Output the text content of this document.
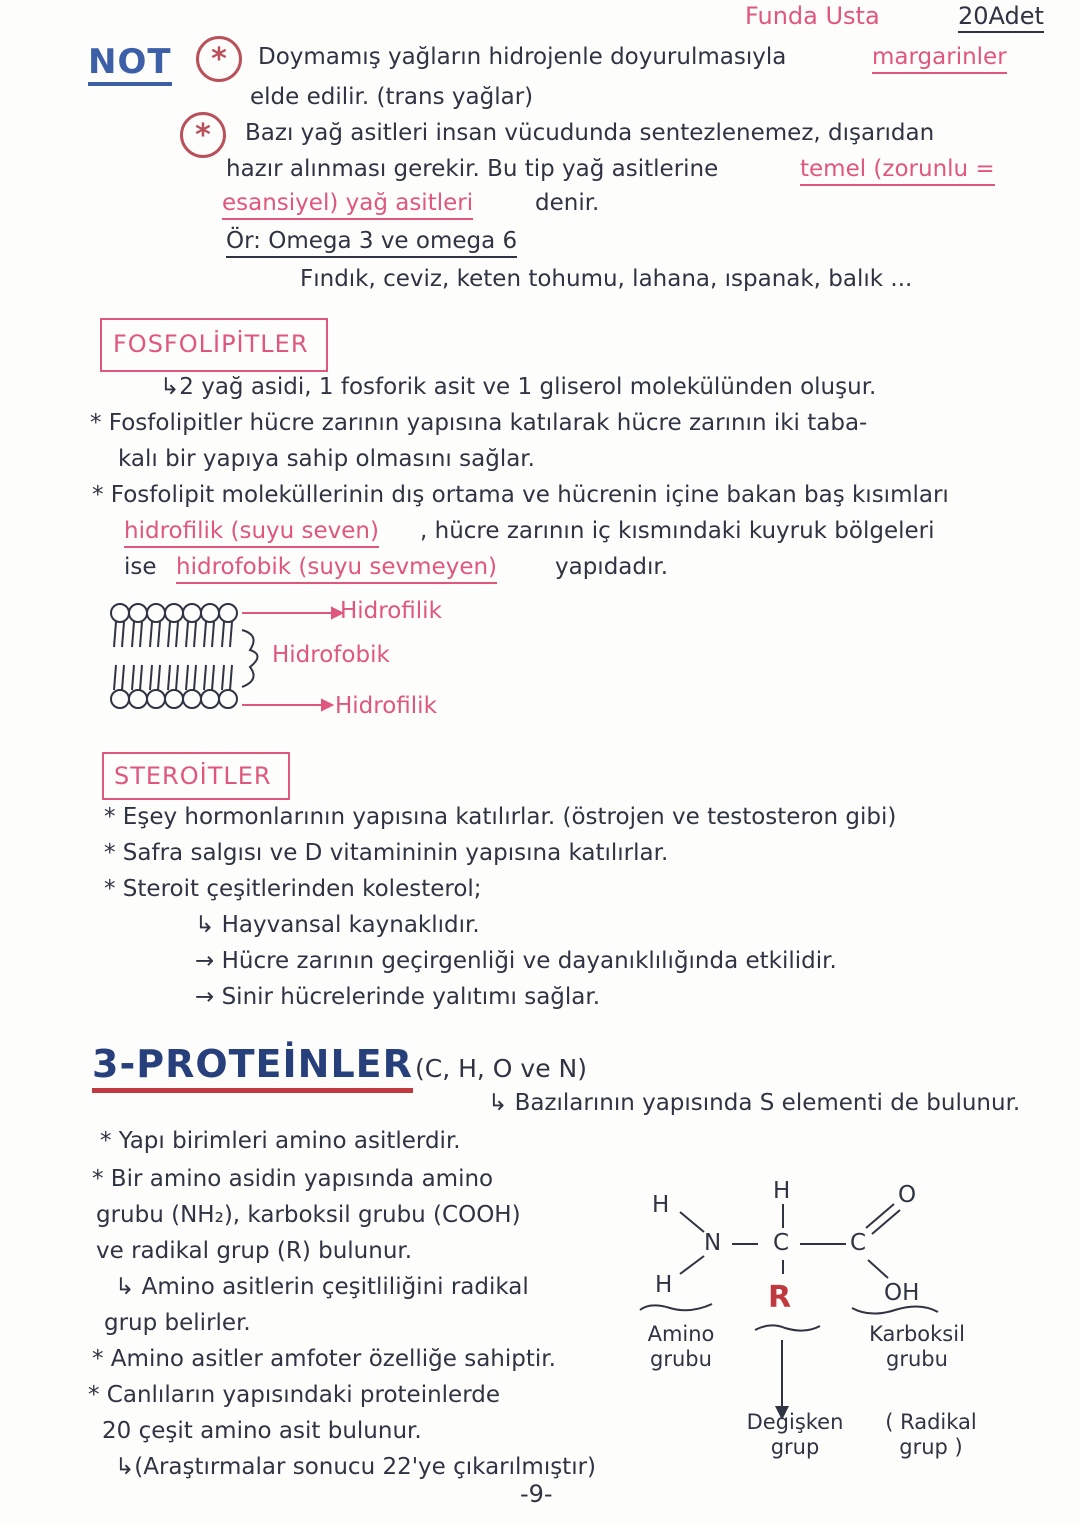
Funda Usta	20Adet
NOT	*	Doymamış yağların hidrojenle doyurulmasıyla	margarinler
elde edilir. (trans yağlar)
*	Bazı yağ asitleri insan vücudunda sentezlenemez, dışarıdan
hazır alınması gerekir. Bu tip yağ asitlerine	temel (zorunlu =
esansiyel) yağ asitleri	denir.
Ör: Omega 3 ve omega 6
Fındık, ceviz, keten tohumu, lahana, ıspanak, balık ...
FOSFOLİPİTLER
↳2 yağ asidi, 1 fosforik asit ve 1 gliserol molekülünden oluşur.
* Fosfolipitler hücre zarının yapısına katılarak hücre zarının iki taba-
kalı bir yapıya sahip olmasını sağlar.
* Fosfolipit moleküllerinin dış ortama ve hücrenin içine bakan baş kısımları
hidrofilik (suyu seven) , hücre zarının iç kısmındaki kuyruk bölgeleri
ise hidrofobik (suyu sevmeyen)	yapıdadır.
Hidrofilik
Hidrofobik
Hidrofilik
STEROİTLER
* Eşey hormonlarının yapısına katılırlar. (östrojen ve testosteron gibi)
* Safra salgısı ve D vitamininin yapısına katılırlar.
* Steroit çeşitlerinden kolesterol;
↳ Hayvansal kaynaklıdır.
→ Hücre zarının geçirgenliği ve dayanıklılığında etkilidir.
→ Sinir hücrelerinde yalıtımı sağlar.
3-PROTEİNLER (C, H, O ve N)
↳ Bazılarının yapısında S elementi de bulunur.
* Yapı birimleri amino asitlerdir.
* Bir amino asidin yapısında amino
grubu (NH₂), karboksil grubu (COOH)
ve radikal grup (R) bulunur.
↳ Amino asitlerin çeşitliliğini radikal
grup belirler.
* Amino asitler amfoter özelliğe sahiptir.
* Canlıların yapısındaki proteinlerde
20 çeşit amino asit bulunur.
↳(Araştırmalar sonucu 22'ye çıkarılmıştır)
H
H
N
H
C	C
O
OH
R
Amino grubu
Karboksil grubu
Değişken grup
( Radikal grup )
-9-
